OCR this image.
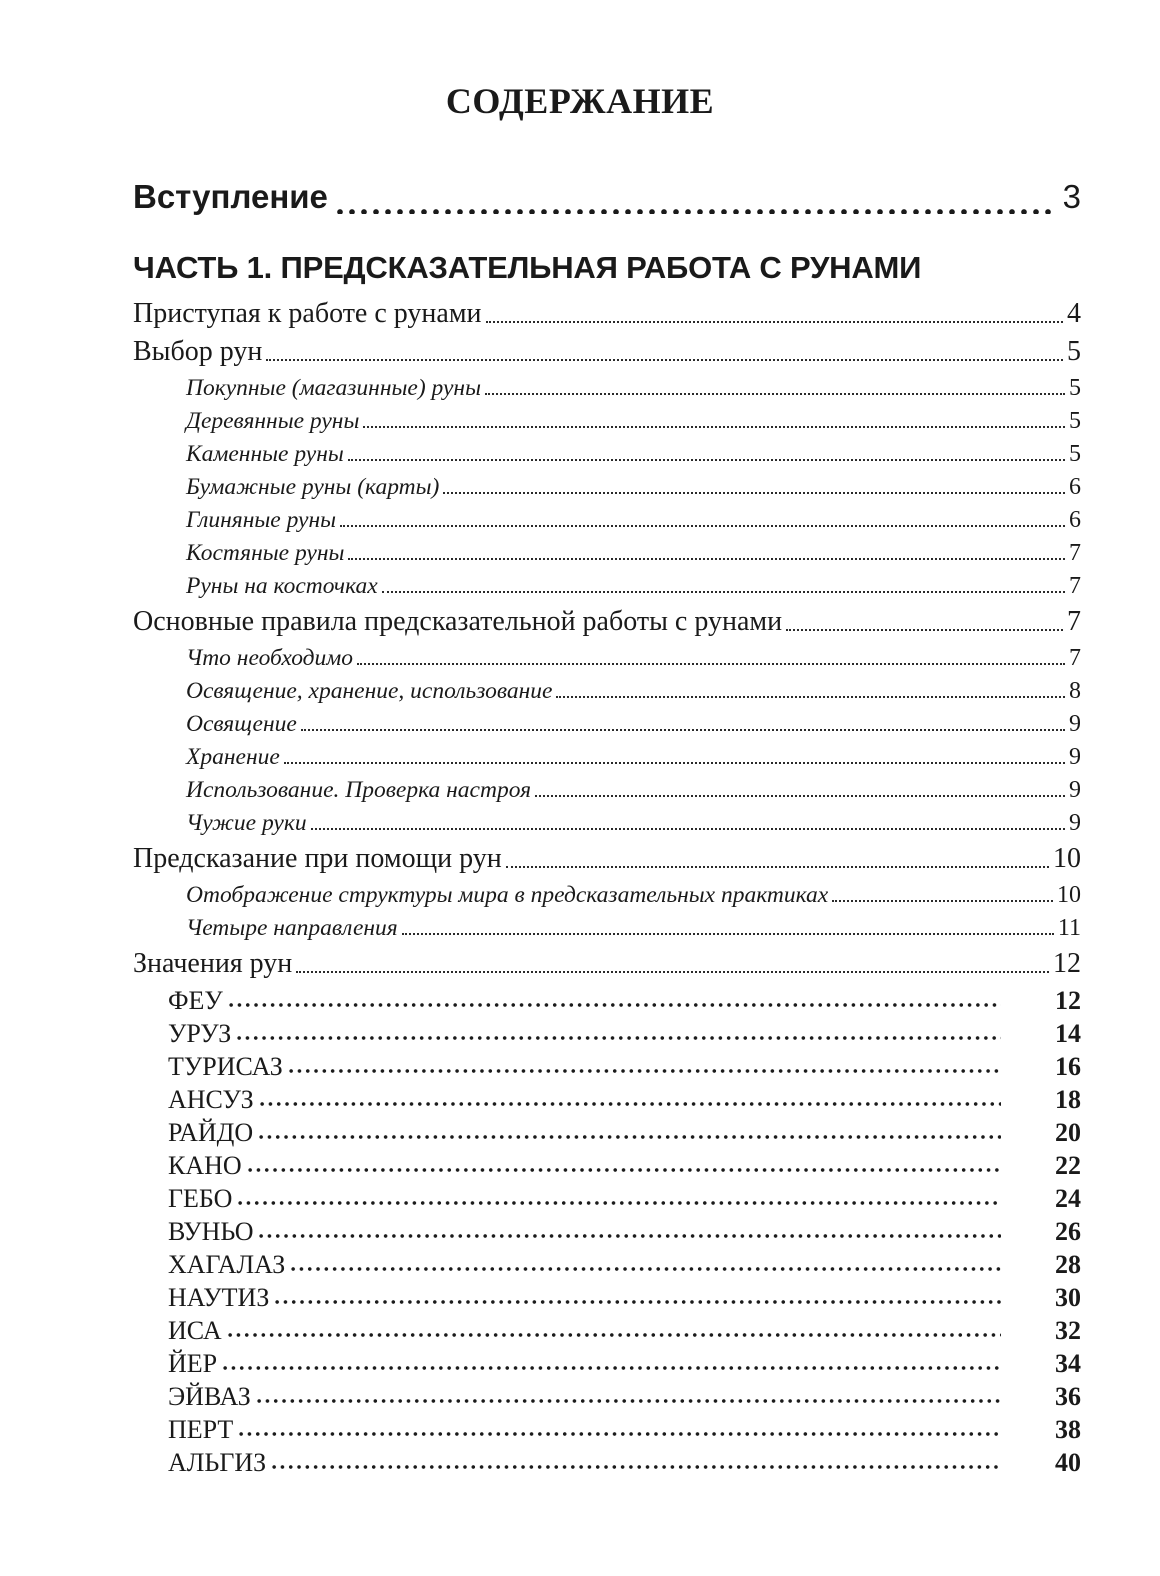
СОДЕРЖАНИЕ
Вступление	3
ЧАСТЬ 1. ПРЕДСКАЗАТЕЛЬНАЯ РАБОТА С РУНАМИ
Приступая к работе с рунами	4
Выбор рун	5
Покупные (магазинные) руны	5
Деревянные руны	5
Каменные руны	5
Бумажные руны (карты)	6
Глиняные руны	6
Костяные руны	7
Руны на косточках	7
Основные правила предсказательной работы с рунами	7
Что необходимо	7
Освящение, хранение, использование	8
Освящение	9
Хранение	9
Использование. Проверка настроя	9
Чужие руки	9
Предсказание при помощи рун	10
Отображение структуры мира в предсказательных практиках	10
Четыре направления	11
Значения рун	12
ФЕУ	12
УРУЗ	14
ТУРИСАЗ	16
АНСУЗ	18
РАЙДО	20
КАНО	22
ГЕБО	24
ВУНЬО	26
ХАГАЛАЗ	28
НАУТИЗ	30
ИСА	32
ЙЕР	34
ЭЙВАЗ	36
ПЕРТ	38
АЛЬГИЗ	40
